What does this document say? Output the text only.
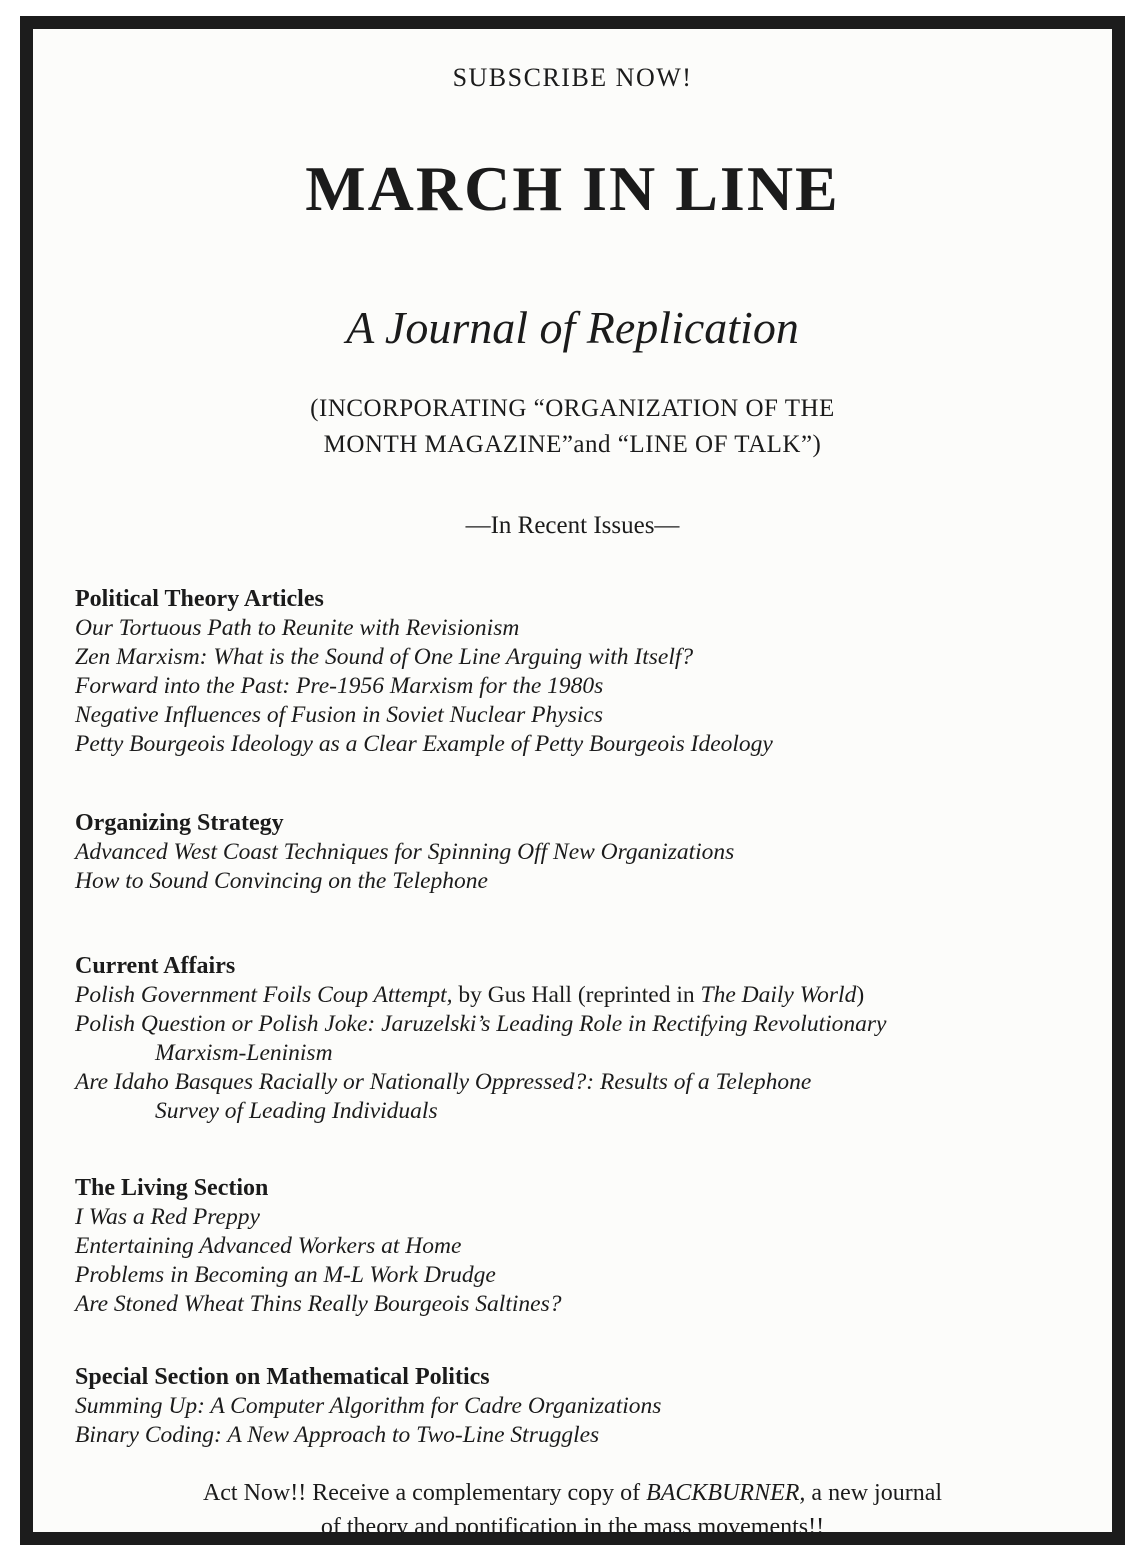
SUBSCRIBE NOW!
MARCH IN LINE
A Journal of Replication
(INCORPORATING “ORGANIZATION OF THE
MONTH MAGAZINE”and “LINE OF TALK”)
—In Recent Issues—
Political Theory Articles
Our Tortuous Path to Reunite with Revisionism
Zen Marxism: What is the Sound of One Line Arguing with Itself?
Forward into the Past: Pre-1956 Marxism for the 1980s
Negative Influences of Fusion in Soviet Nuclear Physics
Petty Bourgeois Ideology as a Clear Example of Petty Bourgeois Ideology
Organizing Strategy
Advanced West Coast Techniques for Spinning Off New Organizations
How to Sound Convincing on the Telephone
Current Affairs
Polish Government Foils Coup Attempt, by Gus Hall (reprinted in The Daily World)
Polish Question or Polish Joke: Jaruzelski’s Leading Role in Rectifying Revolutionary
Marxism-Leninism
Are Idaho Basques Racially or Nationally Oppressed?: Results of a Telephone
Survey of Leading Individuals
The Living Section
I Was a Red Preppy
Entertaining Advanced Workers at Home
Problems in Becoming an M-L Work Drudge
Are Stoned Wheat Thins Really Bourgeois Saltines?
Special Section on Mathematical Politics
Summing Up: A Computer Algorithm for Cadre Organizations
Binary Coding: A New Approach to Two-Line Struggles
Act Now!! Receive a complementary copy of BACKBURNER, a new journal
of theory and pontification in the mass movements!!
